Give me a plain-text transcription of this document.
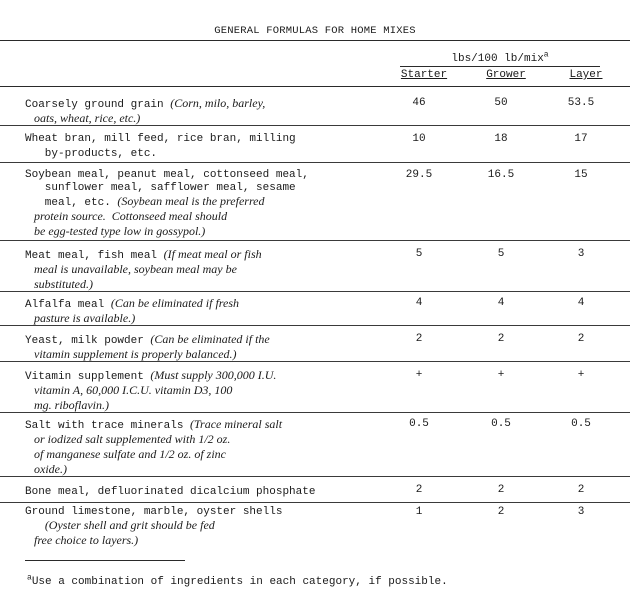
GENERAL FORMULAS FOR HOME MIXES
lbs/100 lb/mix$^a$
Starter	Grower	Layer
Coarsely ground grain (Corn, milo, barley,
oats, wheat, rice, etc.)
46	50	53.5
Wheat bran, mill feed, rice bran, milling
by-products, etc.
10	18	17
Soybean meal, peanut meal, cottonseed meal,
sunflower meal, safflower meal, sesame
meal, etc. (Soybean meal is the preferred
protein source.  Cottonseed meal should
be egg-tested type low in gossypol.)
29.5	16.5	15
Meat meal, fish meal (If meat meal or fish
meal is unavailable, soybean meal may be
substituted.)
5	5	3
Alfalfa meal (Can be eliminated if fresh
pasture is available.)
4	4	4
Yeast, milk powder (Can be eliminated if the
vitamin supplement is properly balanced.)
2	2	2
Vitamin supplement (Must supply 300,000 I.U.
vitamin A, 60,000 I.C.U. vitamin D3, 100
mg. riboflavin.)
+	+	+
Salt with trace minerals (Trace mineral salt
or iodized salt supplemented with 1/2 oz.
of manganese sulfate and 1/2 oz. of zinc
oxide.)
0.5	0.5	0.5
Bone meal, defluorinated dicalcium phosphate	2	2	2
Ground limestone, marble, oyster shells
(Oyster shell and grit should be fed
free choice to layers.)
1	2	3
$^a$Use a combination of ingredients in each category, if possible.
